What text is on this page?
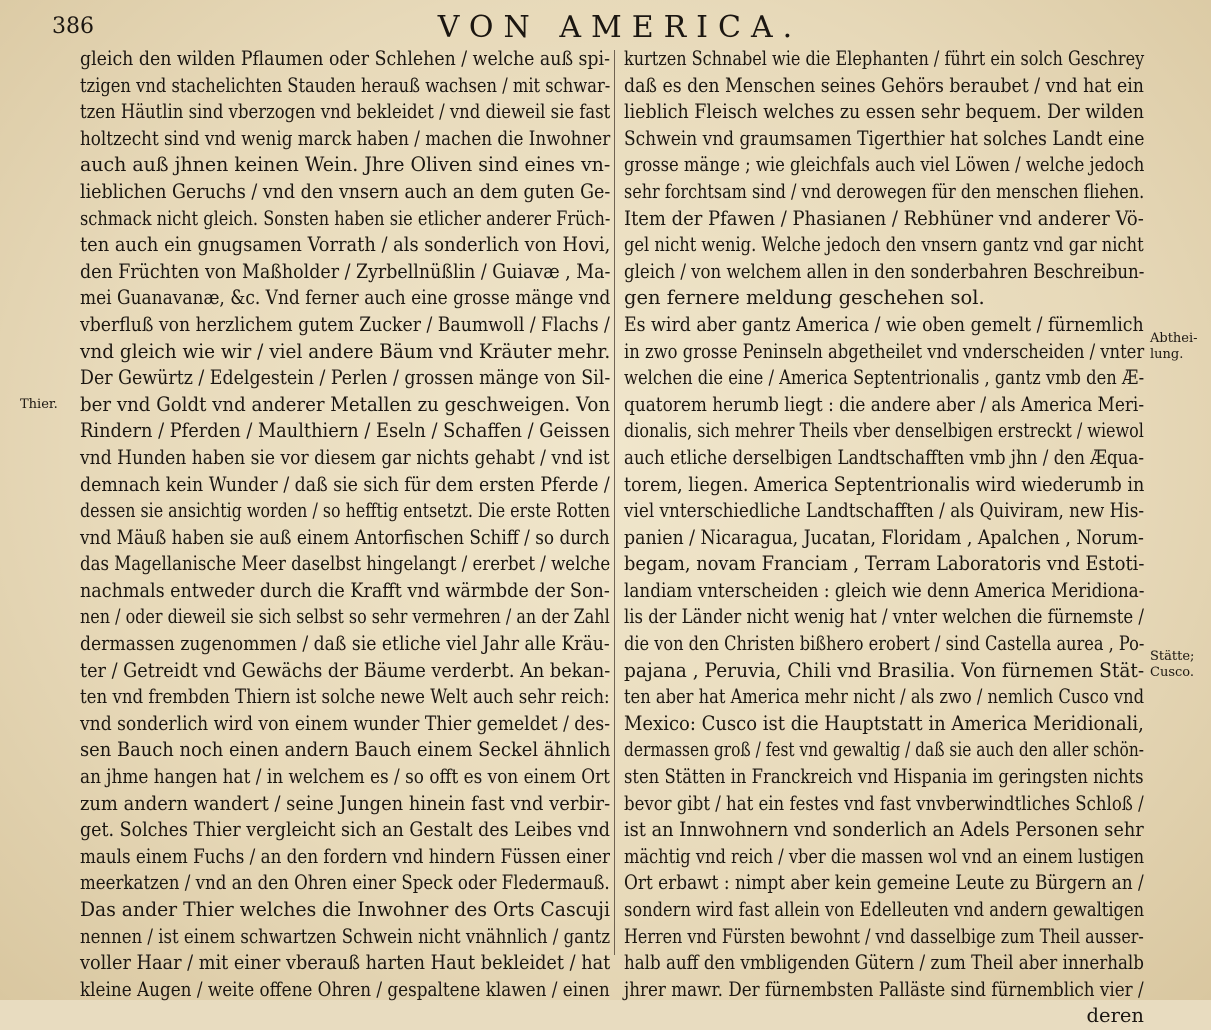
386	VON AMERICA.
Thier.

Abthei-
lung.

Stätte;
Cusco.

gleich den wilden Pflaumen oder Schlehen / welche auß spi-
tzigen vnd stachelichten Stauden herauß wachsen / mit schwar-
tzen Häutlin sind vberzogen vnd bekleidet / vnd dieweil sie fast
holtzecht sind vnd wenig marck haben / machen die Inwohner
auch auß jhnen keinen Wein. Jhre Oliven sind eines vn-
lieblichen Geruchs / vnd den vnsern auch an dem guten Ge-
schmack nicht gleich. Sonsten haben sie etlicher anderer Früch-
ten auch ein gnugsamen Vorrath / als sonderlich von Hovi,
den Früchten von Maßholder / Zyrbellnüßlin / Guiavæ , Ma-
mei Guanavanæ, &c. Vnd ferner auch eine grosse mänge vnd
vberfluß von herzlichem gutem Zucker / Baumwoll / Flachs /
vnd gleich wie wir / viel andere Bäum vnd Kräuter mehr.
Der Gewürtz / Edelgestein / Perlen / grossen mänge von Sil-
ber vnd Goldt vnd anderer Metallen zu geschweigen. Von
Rindern / Pferden / Maulthiern / Eseln / Schaffen / Geissen
vnd Hunden haben sie vor diesem gar nichts gehabt / vnd ist
demnach kein Wunder / daß sie sich für dem ersten Pferde /
dessen sie ansichtig worden / so hefftig entsetzt. Die erste Rotten
vnd Mäuß haben sie auß einem Antorfischen Schiff / so durch
das Magellanische Meer daselbst hingelangt / ererbet / welche
nachmals entweder durch die Krafft vnd wärmbde der Son-
nen / oder dieweil sie sich selbst so sehr vermehren / an der Zahl
dermassen zugenommen / daß sie etliche viel Jahr alle Kräu-
ter / Getreidt vnd Gewächs der Bäume verderbt. An bekan-
ten vnd frembden Thiern ist solche newe Welt auch sehr reich:
vnd sonderlich wird von einem wunder Thier gemeldet / des-
sen Bauch noch einen andern Bauch einem Seckel ähnlich
an jhme hangen hat / in welchem es / so offt es von einem Ort
zum andern wandert / seine Jungen hinein fast vnd verbir-
get. Solches Thier vergleicht sich an Gestalt des Leibes vnd
mauls einem Fuchs / an den fordern vnd hindern Füssen einer
meerkatzen / vnd an den Ohren einer Speck oder Fledermauß.
Das ander Thier welches die Inwohner des Orts Cascuji
nennen / ist einem schwartzen Schwein nicht vnähnlich / gantz
voller Haar / mit einer vberauß harten Haut bekleidet / hat
kleine Augen / weite offene Ohren / gespaltene klawen / einen
kurtzen Schnabel wie die Elephanten / führt ein solch Geschrey
daß es den Menschen seines Gehörs beraubet / vnd hat ein
lieblich Fleisch welches zu essen sehr bequem. Der wilden
Schwein vnd graumsamen Tigerthier hat solches Landt eine
grosse mänge ; wie gleichfals auch viel Löwen / welche jedoch
sehr forchtsam sind / vnd derowegen für den menschen fliehen.
Item der Pfawen / Phasianen / Rebhüner vnd anderer Vö-
gel nicht wenig. Welche jedoch den vnsern gantz vnd gar nicht
gleich / von welchem allen in den sonderbahren Beschreibun-
gen fernere meldung geschehen sol.
Es wird aber gantz America / wie oben gemelt / fürnemlich
in zwo grosse Peninseln abgetheilet vnd vnderscheiden / vnter
welchen die eine / America Septentrionalis , gantz vmb den Æ-
quatorem herumb liegt : die andere aber / als America Meri-
dionalis, sich mehrer Theils vber denselbigen erstreckt / wiewol
auch etliche derselbigen Landtschafften vmb jhn / den Æqua-
torem, liegen. America Septentrionalis wird wiederumb in
viel vnterschiedliche Landtschafften / als Quiviram, new His-
panien / Nicaragua, Jucatan, Floridam , Apalchen , Norum-
begam, novam Franciam , Terram Laboratoris vnd Estoti-
landiam vnterscheiden : gleich wie denn America Meridiona-
lis der Länder nicht wenig hat / vnter welchen die fürnemste /
die von den Christen bißhero erobert / sind Castella aurea , Po-
pajana , Peruvia, Chili vnd Brasilia. Von fürnemen Stät-
ten aber hat America mehr nicht / als zwo / nemlich Cusco vnd
Mexico: Cusco ist die Hauptstatt in America Meridionali,
dermassen groß / fest vnd gewaltig / daß sie auch den aller schön-
sten Stätten in Franckreich vnd Hispania im geringsten nichts
bevor gibt / hat ein festes vnd fast vnvberwindtliches Schloß /
ist an Innwohnern vnd sonderlich an Adels Personen sehr
mächtig vnd reich / vber die massen wol vnd an einem lustigen
Ort erbawt : nimpt aber kein gemeine Leute zu Bürgern an /
sondern wird fast allein von Edelleuten vnd andern gewaltigen
Herren vnd Fürsten bewohnt / vnd dasselbige zum Theil ausser-
halb auff den vmbligenden Gütern / zum Theil aber innerhalb
jhrer mawr. Der fürnembsten Palläste sind fürnemblich vier /
deren
